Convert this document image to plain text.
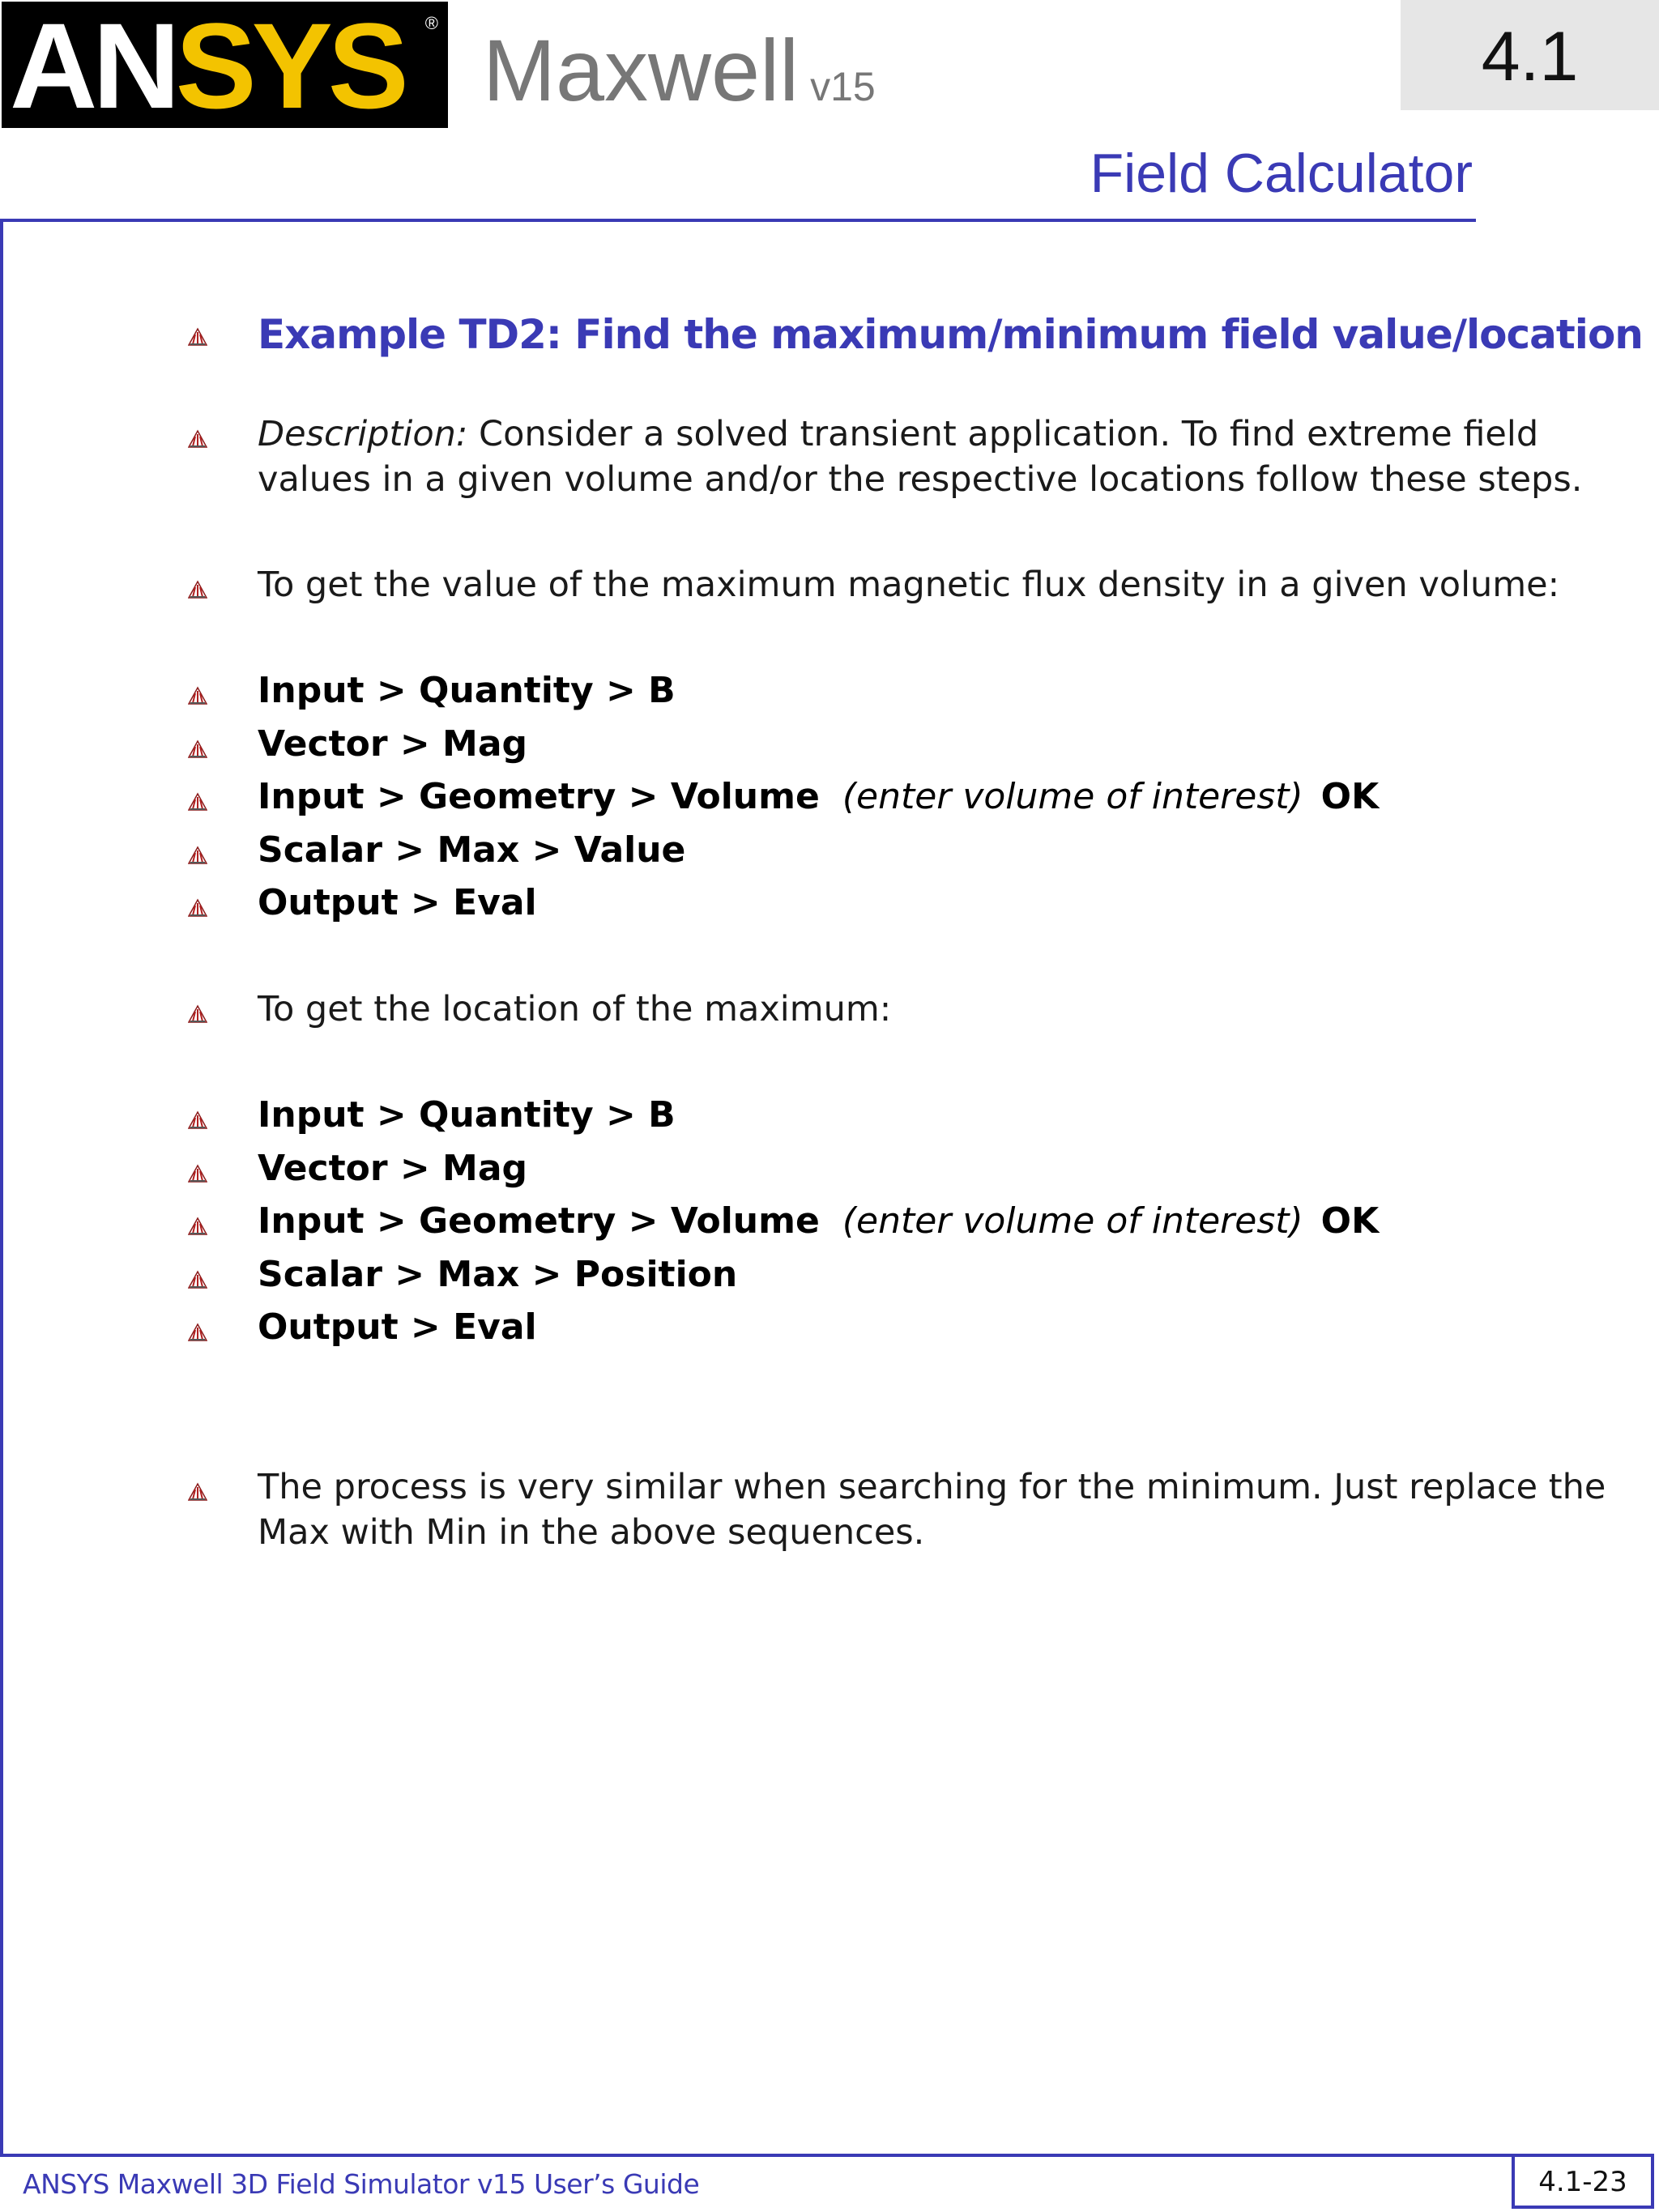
ANSYS ® Maxwell v15	4.1
Field Calculator
Example TD2: Find the maximum/minimum field value/location
Description: Consider a solved transient application. To find extreme field
values in a given volume and/or the respective locations follow these steps.
To get the value of the maximum magnetic flux density in a given volume:
Input > Quantity > B
Vector > Mag
Input > Geometry > Volume (enter volume of interest) OK
Scalar > Max > Value
Output > Eval
To get the location of the maximum:
Input > Quantity > B
Vector > Mag
Input > Geometry > Volume (enter volume of interest) OK
Scalar > Max > Position
Output > Eval
The process is very similar when searching for the minimum. Just replace the
Max with Min in the above sequences.
ANSYS Maxwell 3D Field Simulator v15 User’s Guide	4.1-23
